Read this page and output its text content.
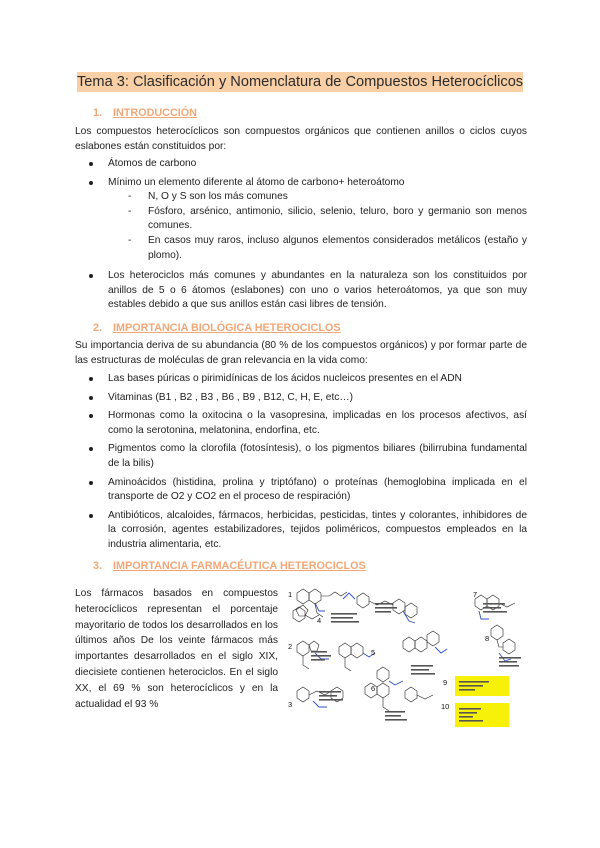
Tema 3: Clasificación y Nomenclatura de Compuestos Heterocíclicos
1. INTRODUCCIÓN
Los compuestos heterocíclicos son compuestos orgánicos que contienen anillos o ciclos cuyos eslabones están constituidos por:
Átomos de carbono
Mínimo un elemento diferente al átomo de carbono+ heteroátomo
- N, O y S son los más comunes
- Fósforo, arsénico, antimonio, silicio, selenio, teluro, boro y germanio son menos comunes.
- En casos muy raros, incluso algunos elementos considerados metálicos (estaño y plomo).
Los heterociclos más comunes y abundantes en la naturaleza son los constituidos por anillos de 5 o 6 átomos (eslabones) con uno o varios heteroátomos, ya que son muy estables debido a que sus anillos están casi libres de tensión.
2. IMPORTANCIA BIOLÓGICA HETEROCICLOS
Su importancia deriva de su abundancia (80 % de los compuestos orgánicos) y por formar parte de las estructuras de moléculas de gran relevancia en la vida como:
Las bases púricas o pirimidínicas de los ácidos nucleicos presentes en el ADN
Vitaminas (B1 , B2 , B3 , B6 , B9 , B12, C, H, E, etc…)
Hormonas como la oxitocina o la vasopresina, implicadas en los procesos afectivos, así como la serotonina, melatonina, endorfina, etc.
Pigmentos como la clorofila (fotosíntesis), o los pigmentos biliares (bilirrubina fundamental de la bilis)
Aminoácidos (histidina, prolina y triptófano) o proteínas (hemoglobina implicada en el transporte de O2 y CO2 en el proceso de respiración)
Antibióticos, alcaloides, fármacos, herbicidas, pesticidas, tintes y colorantes, inhibidores de la corrosión, agentes estabilizadores, tejidos poliméricos, compuestos empleados en la industria alimentaria, etc.
3. IMPORTANCIA FARMACÉUTICA HETEROCICLOS
Los fármacos basados en compuestos heterocíclicos representan el porcentaje mayoritario de todos los desarrollados en los últimos años De los veinte fármacos más importantes desarrollados en el siglo XIX, diecisiete contienen heterociclos. En el siglo XX, el 69 % son heterocíclicos y en la actualidad el 93 %
1
2
3
4
5
6
7
8
9
10
